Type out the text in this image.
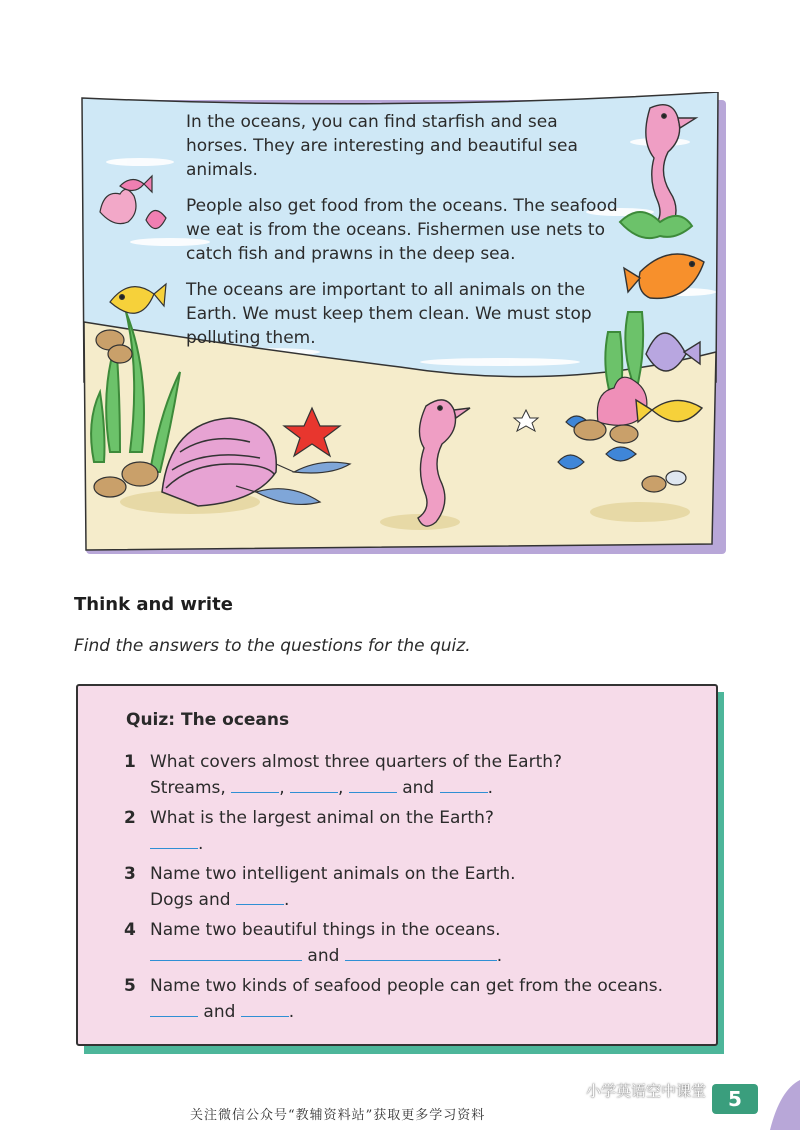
In the oceans, you can find starfish and sea horses. They are interesting and beautiful sea animals.

People also get food from the oceans. The seafood we eat is from the oceans. Fishermen use nets to catch fish and prawns in the deep sea.

The oceans are important to all animals on the Earth. We must keep them clean. We must stop polluting them.

Think and write
Find the answers to the questions for the quiz.
Quiz: The oceans
1 What covers almost three quarters of the Earth?
Streams,	,	,	and	.
2 What is the largest animal on the Earth?
.
3 Name two intelligent animals on the Earth.
Dogs and	.
4 Name two beautiful things in the oceans.
and	.
5 Name two kinds of seafood people can get from the oceans.
and	.
小学英语空中课堂	5
关注微信公众号“教辅资料站”获取更多学习资料
